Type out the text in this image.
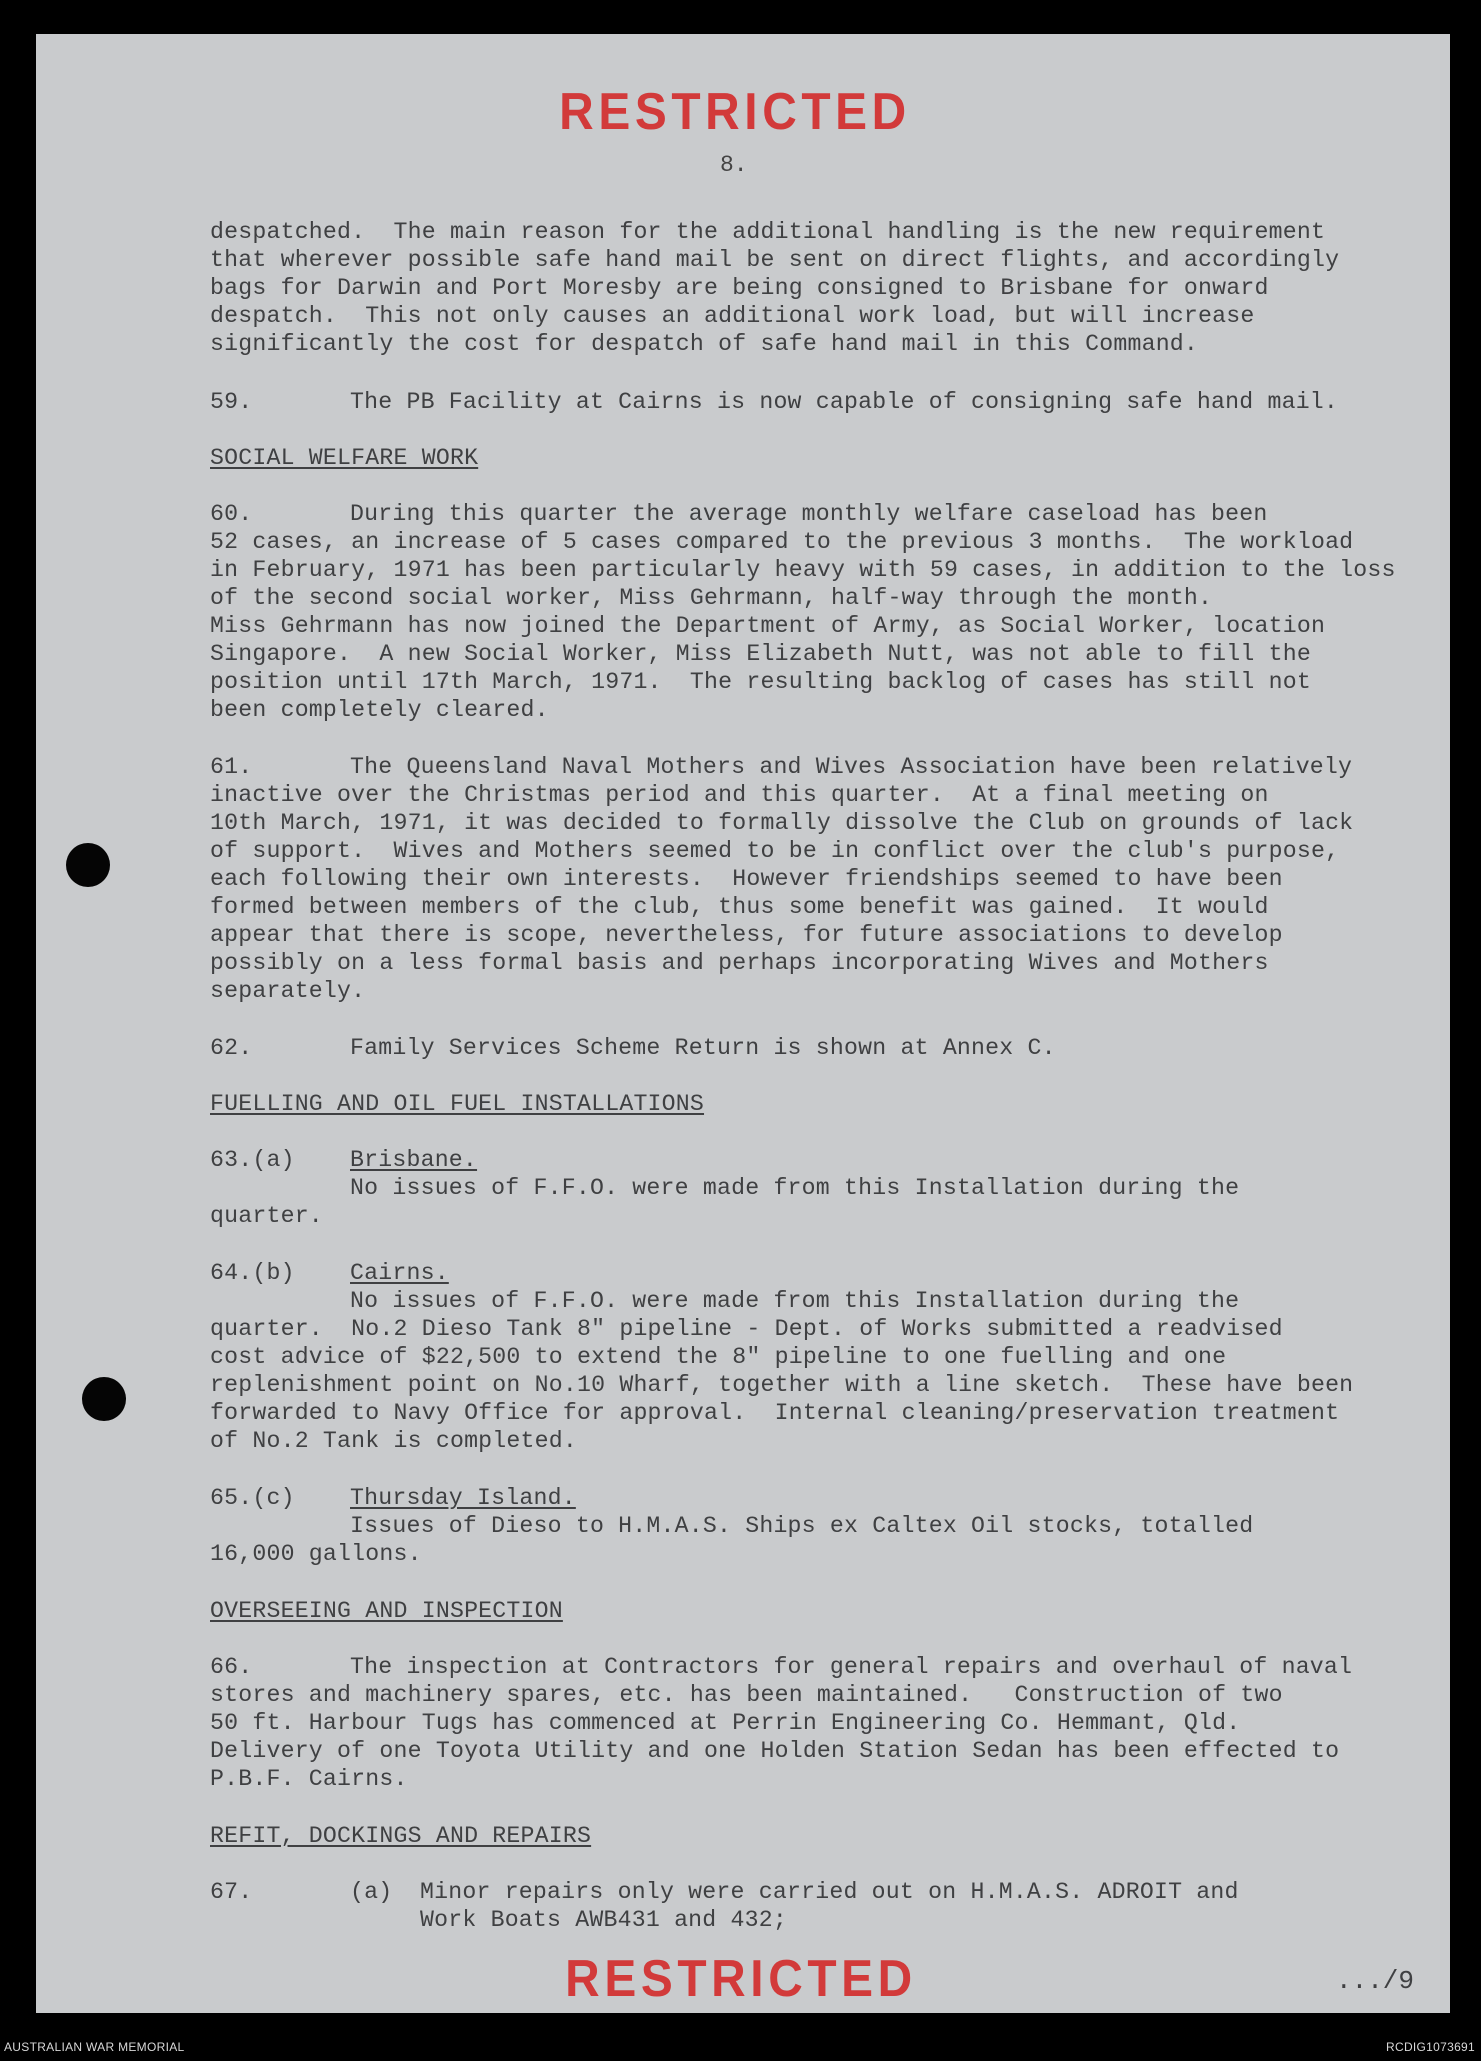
RESTRICTED
8.
despatched.  The main reason for the additional handling is the new requirement
that wherever possible safe hand mail be sent on direct flights, and accordingly
bags for Darwin and Port Moresby are being consigned to Brisbane for onward
despatch.  This not only causes an additional work load, but will increase
significantly the cost for despatch of safe hand mail in this Command.
59.	The PB Facility at Cairns is now capable of consigning safe hand mail.
SOCIAL WELFARE WORK
60.	During this quarter the average monthly welfare caseload has been
52 cases, an increase of 5 cases compared to the previous 3 months.  The workload
in February, 1971 has been particularly heavy with 59 cases, in addition to the loss
of the second social worker, Miss Gehrmann, half-way through the month.
Miss Gehrmann has now joined the Department of Army, as Social Worker, location
Singapore.  A new Social Worker, Miss Elizabeth Nutt, was not able to fill the
position until 17th March, 1971.  The resulting backlog of cases has still not
been completely cleared.
61.	The Queensland Naval Mothers and Wives Association have been relatively
inactive over the Christmas period and this quarter.  At a final meeting on
10th March, 1971, it was decided to formally dissolve the Club on grounds of lack
of support.  Wives and Mothers seemed to be in conflict over the club's purpose,
each following their own interests.  However friendships seemed to have been
formed between members of the club, thus some benefit was gained.  It would
appear that there is scope, nevertheless, for future associations to develop
possibly on a less formal basis and perhaps incorporating Wives and Mothers
separately.
62.	Family Services Scheme Return is shown at Annex C.
FUELLING AND OIL FUEL INSTALLATIONS
63.(a) Brisbane.
No issues of F.F.O. were made from this Installation during the
quarter.
64.(b) Cairns.
No issues of F.F.O. were made from this Installation during the
quarter.  No.2 Dieso Tank 8" pipeline - Dept. of Works submitted a readvised
cost advice of $22,500 to extend the 8" pipeline to one fuelling and one
replenishment point on No.10 Wharf, together with a line sketch.  These have been
forwarded to Navy Office for approval.  Internal cleaning/preservation treatment
of No.2 Tank is completed.
65.(c) Thursday Island.
Issues of Dieso to H.M.A.S. Ships ex Caltex Oil stocks, totalled
16,000 gallons.
OVERSEEING AND INSPECTION
66.	The inspection at Contractors for general repairs and overhaul of naval
stores and machinery spares, etc. has been maintained.   Construction of two
50 ft. Harbour Tugs has commenced at Perrin Engineering Co. Hemmant, Qld.
Delivery of one Toyota Utility and one Holden Station Sedan has been effected to
P.B.F. Cairns.
REFIT, DOCKINGS AND REPAIRS
67.	(a) Minor repairs only were carried out on H.M.A.S. ADROIT and
Work Boats AWB431 and 432;
RESTRICTED	.../9
AUSTRALIAN WAR MEMORIAL	RCDIG1073691
